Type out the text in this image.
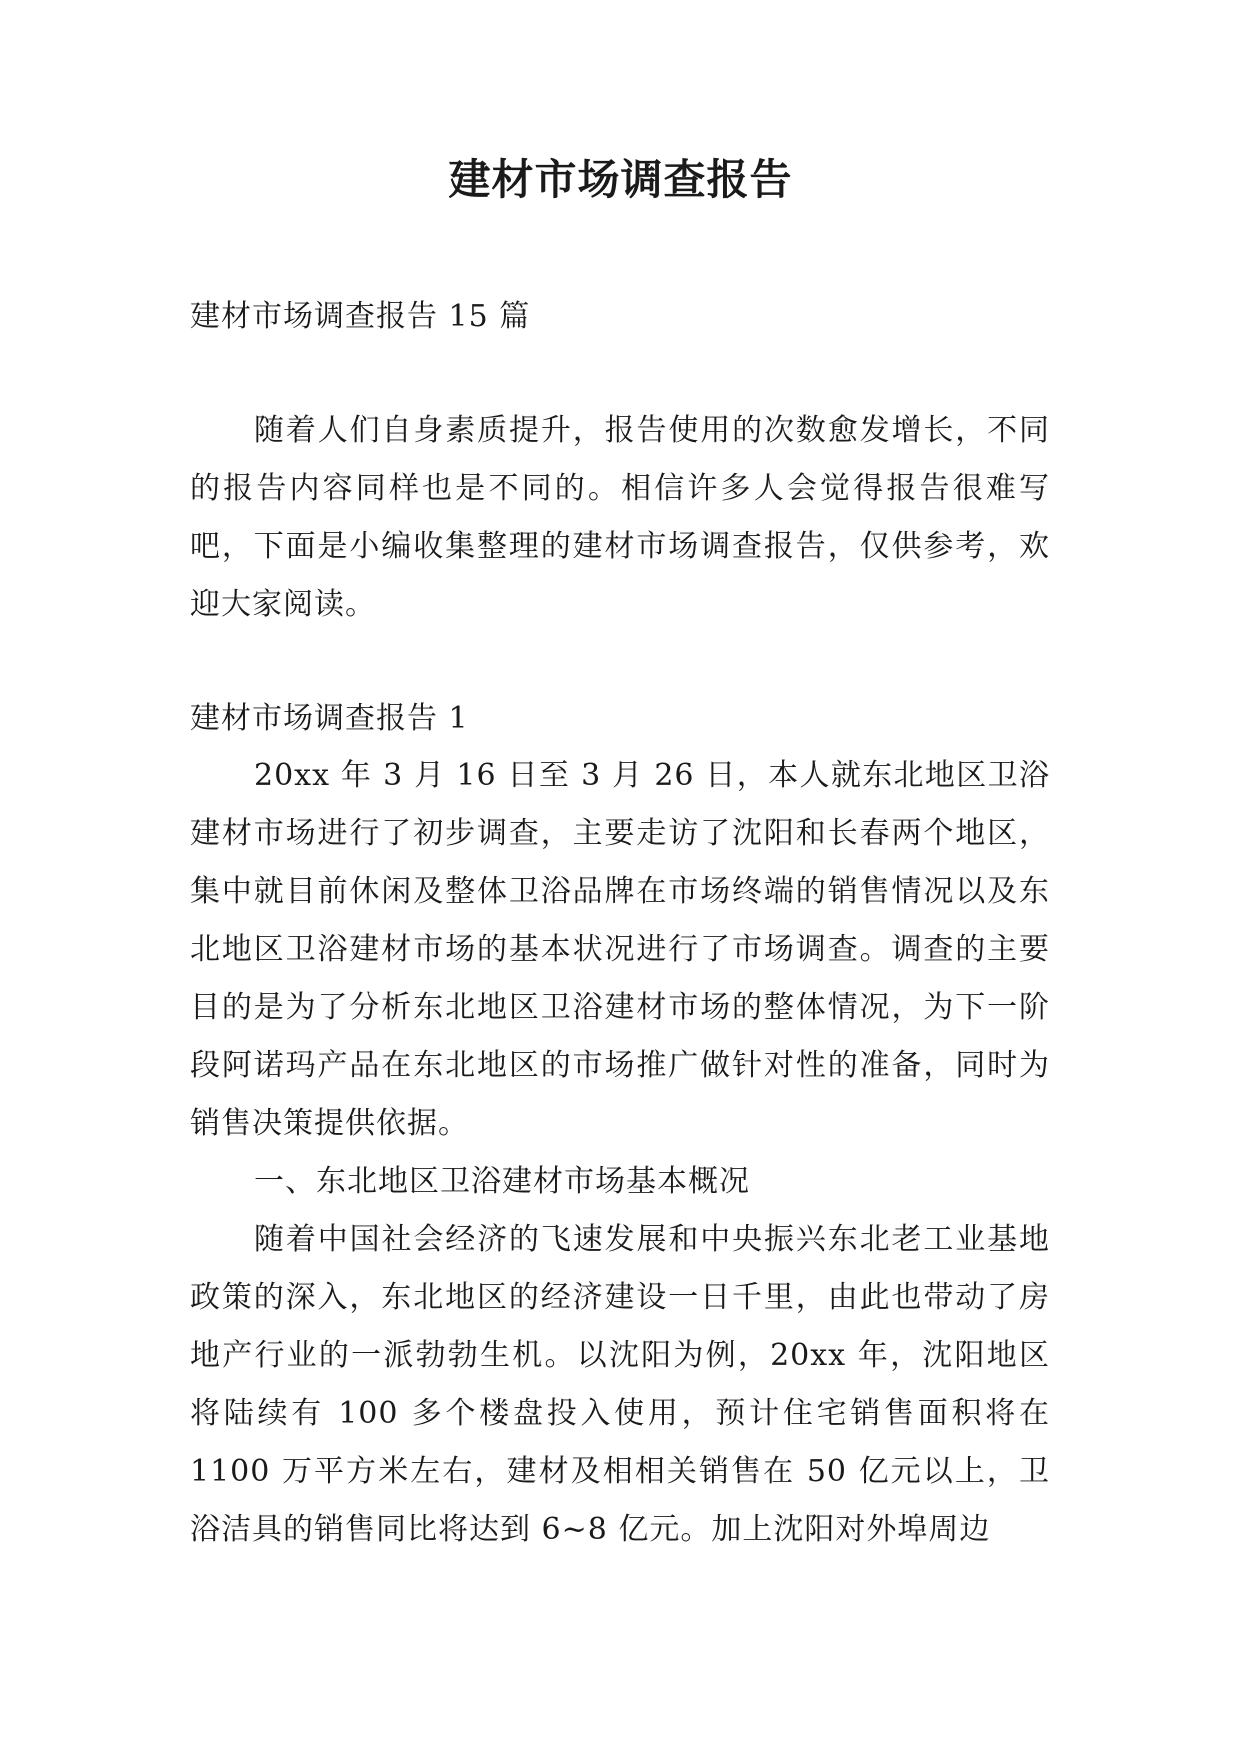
建材市场调查报告

建材市场调查报告 15 篇

随着人们自身素质提升，报告使用的次数愈发增长，不同的报告内容同样也是不同的。相信许多人会觉得报告很难写吧，下面是小编收集整理的建材市场调查报告，仅供参考，欢迎大家阅读。

建材市场调查报告 1

20xx 年 3 月 16 日至 3 月 26 日，本人就东北地区卫浴建材市场进行了初步调查，主要走访了沈阳和长春两个地区，集中就目前休闲及整体卫浴品牌在市场终端的销售情况以及东北地区卫浴建材市场的基本状况进行了市场调查。调查的主要目的是为了分析东北地区卫浴建材市场的整体情况，为下一阶段阿诺玛产品在东北地区的市场推广做针对性的准备，同时为销售决策提供依据。

一、东北地区卫浴建材市场基本概况

随着中国社会经济的飞速发展和中央振兴东北老工业基地政策的深入，东北地区的经济建设一日千里，由此也带动了房地产行业的一派勃勃生机。以沈阳为例，20xx 年，沈阳地区将陆续有 100 多个楼盘投入使用，预计住宅销售面积将在 1100 万平方米左右，建材及相相关销售在 50 亿元以上，卫浴洁具的销售同比将达到 6~8 亿元。加上沈阳对外埠周边
